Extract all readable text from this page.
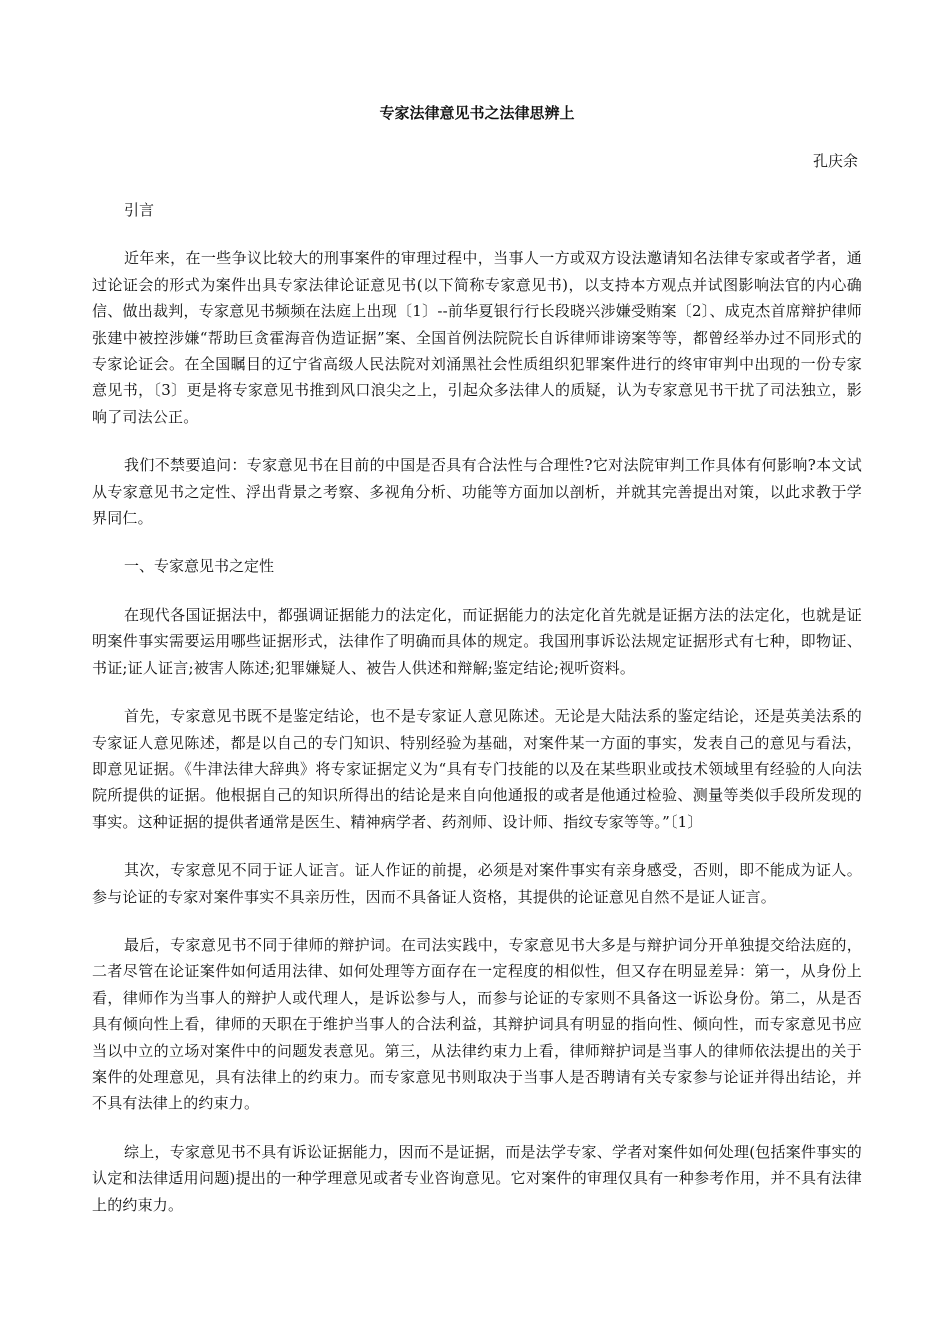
专家法律意见书之法律思辨上
孔庆余

引言

近年来，在一些争议比较大的刑事案件的审理过程中，当事人一方或双方设法邀请知名法律专家或者学者，通过论证会的形式为案件出具专家法律论证意见书(以下简称专家意见书)，以支持本方观点并试图影响法官的内心确信、做出裁判，专家意见书频频在法庭上出现〔1〕--前华夏银行行长段晓兴涉嫌受贿案〔2〕、成克杰首席辩护律师张建中被控涉嫌“帮助巨贪霍海音伪造证据”案、全国首例法院院长自诉律师诽谤案等等，都曾经举办过不同形式的专家论证会。在全国瞩目的辽宁省高级人民法院对刘涌黑社会性质组织犯罪案件进行的终审审判中出现的一份专家意见书，〔3〕更是将专家意见书推到风口浪尖之上，引起众多法律人的质疑，认为专家意见书干扰了司法独立，影响了司法公正。

我们不禁要追问：专家意见书在目前的中国是否具有合法性与合理性?它对法院审判工作具体有何影响?本文试从专家意见书之定性、浮出背景之考察、多视角分析、功能等方面加以剖析，并就其完善提出对策，以此求教于学界同仁。

一、专家意见书之定性

在现代各国证据法中，都强调证据能力的法定化，而证据能力的法定化首先就是证据方法的法定化，也就是证明案件事实需要运用哪些证据形式，法律作了明确而具体的规定。我国刑事诉讼法规定证据形式有七种，即物证、书证;证人证言;被害人陈述;犯罪嫌疑人、被告人供述和辩解;鉴定结论;视听资料。

首先，专家意见书既不是鉴定结论，也不是专家证人意见陈述。无论是大陆法系的鉴定结论，还是英美法系的专家证人意见陈述，都是以自己的专门知识、特别经验为基础，对案件某一方面的事实，发表自己的意见与看法，即意见证据。《牛津法律大辞典》将专家证据定义为“具有专门技能的以及在某些职业或技术领域里有经验的人向法院所提供的证据。他根据自己的知识所得出的结论是来自向他通报的或者是他通过检验、测量等类似手段所发现的事实。这种证据的提供者通常是医生、精神病学者、药剂师、设计师、指纹专家等等。”〔1〕

其次，专家意见不同于证人证言。证人作证的前提，必须是对案件事实有亲身感受，否则，即不能成为证人。参与论证的专家对案件事实不具亲历性，因而不具备证人资格，其提供的论证意见自然不是证人证言。

最后，专家意见书不同于律师的辩护词。在司法实践中，专家意见书大多是与辩护词分开单独提交给法庭的，二者尽管在论证案件如何适用法律、如何处理等方面存在一定程度的相似性，但又存在明显差异：第一，从身份上看，律师作为当事人的辩护人或代理人，是诉讼参与人，而参与论证的专家则不具备这一诉讼身份。第二，从是否具有倾向性上看，律师的天职在于维护当事人的合法利益，其辩护词具有明显的指向性、倾向性，而专家意见书应当以中立的立场对案件中的问题发表意见。第三，从法律约束力上看，律师辩护词是当事人的律师依法提出的关于案件的处理意见，具有法律上的约束力。而专家意见书则取决于当事人是否聘请有关专家参与论证并得出结论，并不具有法律上的约束力。

综上，专家意见书不具有诉讼证据能力，因而不是证据，而是法学专家、学者对案件如何处理(包括案件事实的认定和法律适用问题)提出的一种学理意见或者专业咨询意见。它对案件的审理仅具有一种参考作用，并不具有法律上的约束力。
